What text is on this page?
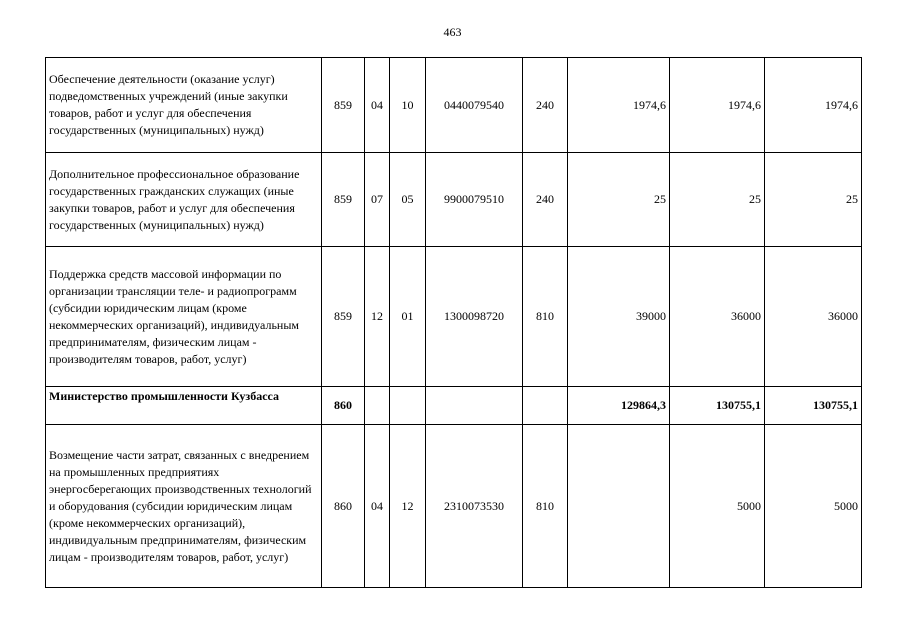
463
Обеспечение деятельности (оказание услуг) подведомственных учреждений (иные закупки товаров, работ и услуг для обеспечения государственных (муниципальных) нужд)	859	04	10	0440079540	240	1974,6	1974,6	1974,6
Дополнительное профессиональное образование государственных гражданских служащих (иные закупки товаров, работ и услуг для обеспечения государственных (муниципальных) нужд)	859	07	05	9900079510	240	25	25	25
Поддержка средств массовой информации по организации трансляции теле- и радиопрограмм (субсидии юридическим лицам (кроме некоммерческих организаций), индивидуальным предпринимателям, физическим лицам - производителям товаров, работ, услуг)	859	12	01	1300098720	810	39000	36000	36000
Министерство промышленности Кузбасса	860					129864,3	130755,1	130755,1
Возмещение части затрат, связанных с внедрением на промышленных предприятиях энергосберегающих производственных технологий и оборудования (субсидии юридическим лицам (кроме некоммерческих организаций), индивидуальным предпринимателям, физическим лицам - производителям товаров, работ, услуг)	860	04	12	2310073530	810		5000	5000
